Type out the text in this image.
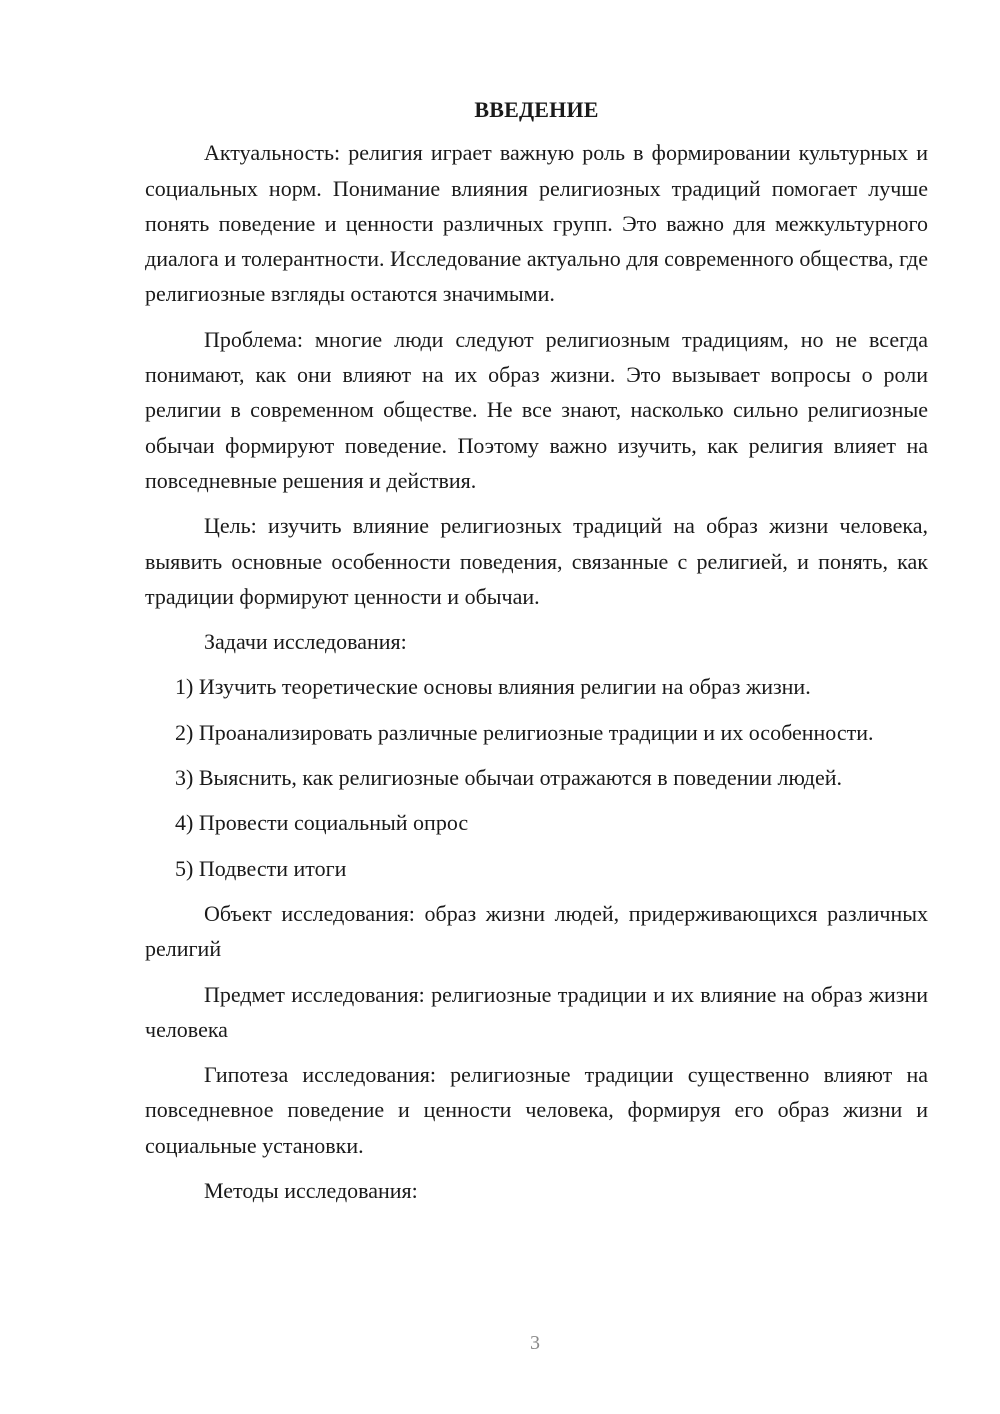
ВВЕДЕНИЕ

Актуальность: религия играет важную роль в формировании культурных и социальных норм. Понимание влияния религиозных традиций помогает лучше понять поведение и ценности различных групп. Это важно для межкультурного диалога и толерантности. Исследование актуально для современного общества, где религиозные взгляды остаются значимыми.

Проблема: многие люди следуют религиозным традициям, но не всегда понимают, как они влияют на их образ жизни. Это вызывает вопросы о роли религии в современном обществе. Не все знают, насколько сильно религиозные обычаи формируют поведение. Поэтому важно изучить, как религия влияет на повседневные решения и действия.

Цель: изучить влияние религиозных традиций на образ жизни человека, выявить основные особенности поведения, связанные с религией, и понять, как традиции формируют ценности и обычаи.

Задачи исследования:

1) Изучить теоретические основы влияния религии на образ жизни.

2) Проанализировать различные религиозные традиции и их особенности.

3) Выяснить, как религиозные обычаи отражаются в поведении людей.

4) Провести социальный опрос

5) Подвести итоги

Объект исследования: образ жизни людей, придерживающихся различных религий

Предмет исследования: религиозные традиции и их влияние на образ жизни человека

Гипотеза исследования: религиозные традиции существенно влияют на повседневное поведение и ценности человека, формируя его образ жизни и социальные установки.

Методы исследования:

3
